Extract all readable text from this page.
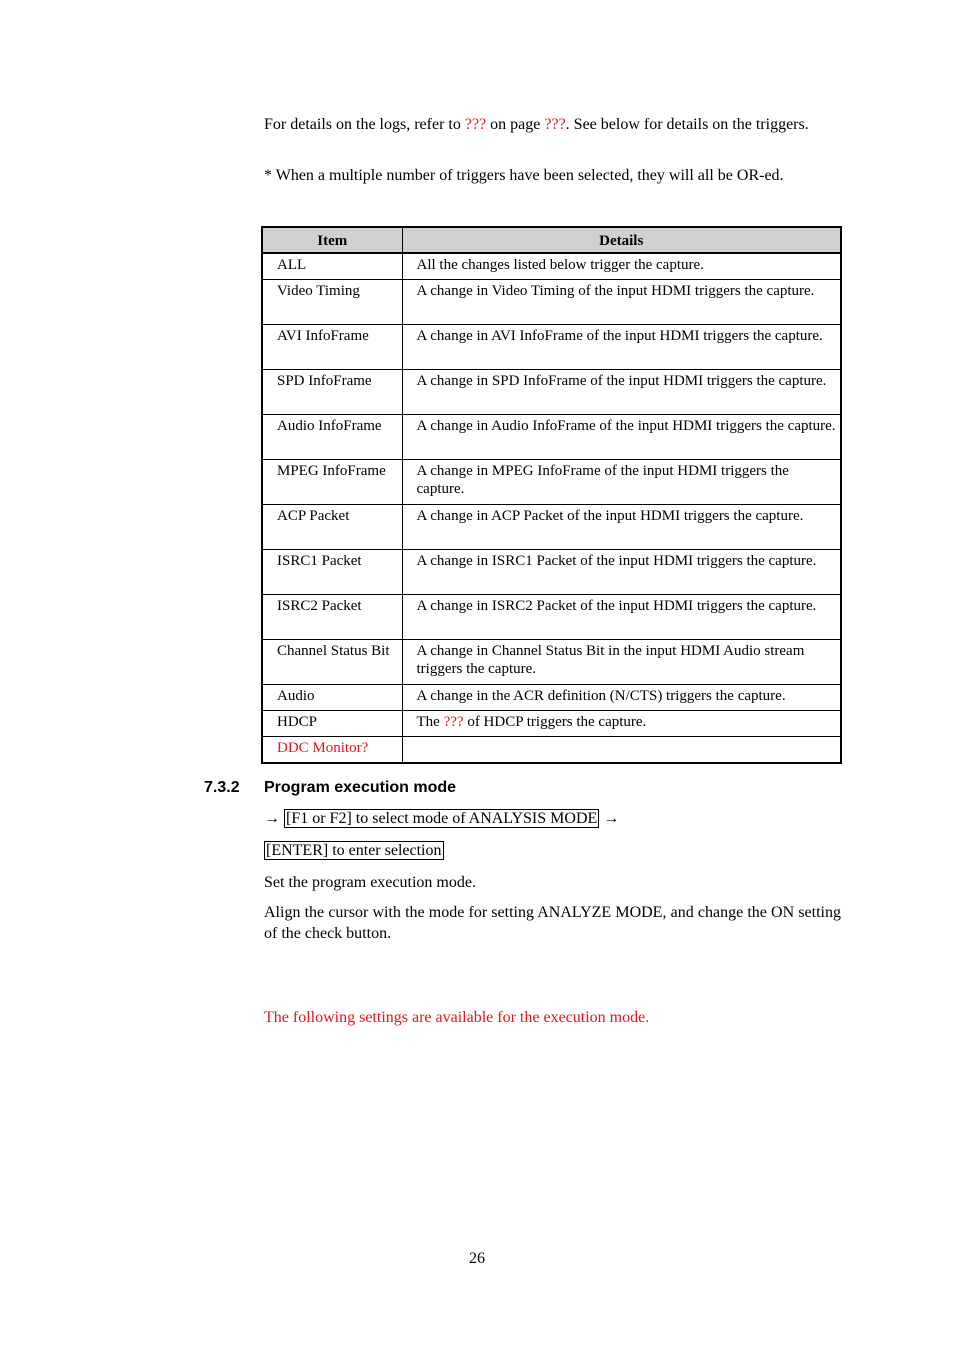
For details on the logs, refer to ??? on page ???. See below for details on the triggers.

* When a multiple number of triggers have been selected, they will all be OR-ed.

Item	Details
ALL	All the changes listed below trigger the capture.
Video Timing	A change in Video Timing of the input HDMI triggers the capture.
AVI InfoFrame	A change in AVI InfoFrame of the input HDMI triggers the capture.
SPD InfoFrame	A change in SPD InfoFrame of the input HDMI triggers the capture.
Audio InfoFrame	A change in Audio InfoFrame of the input HDMI triggers the capture.
MPEG InfoFrame	A change in MPEG InfoFrame of the input HDMI triggers the capture.
ACP Packet	A change in ACP Packet of the input HDMI triggers the capture.
ISRC1 Packet	A change in ISRC1 Packet of the input HDMI triggers the capture.
ISRC2 Packet	A change in ISRC2 Packet of the input HDMI triggers the capture.
Channel Status Bit	A change in Channel Status Bit in the input HDMI Audio stream triggers the capture.
Audio	A change in the ACR definition (N/CTS) triggers the capture.
HDCP	The ??? of HDCP triggers the capture.
DDC Monitor?	
7.3.2 Program execution mode
→ [F1 or F2] to select mode of ANALYSIS MODE →
[ENTER] to enter selection

Set the program execution mode.

Align the cursor with the mode for setting ANALYZE MODE, and change the ON setting of the check button.

The following settings are available for the execution mode.

26
